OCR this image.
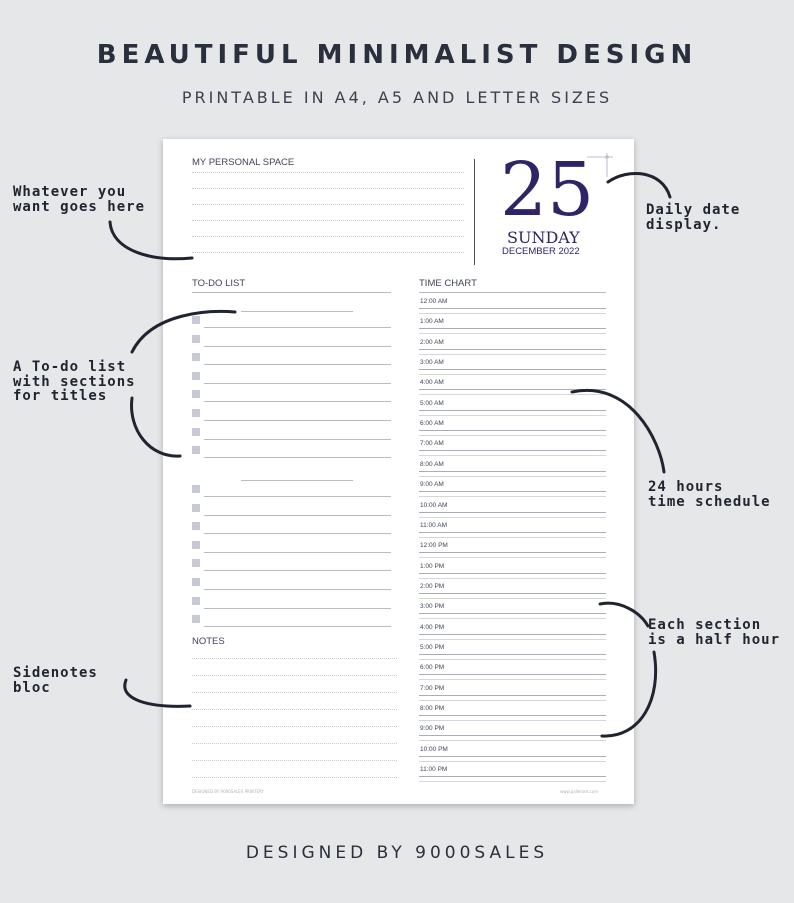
BEAUTIFUL MINIMALIST DESIGN
PRINTABLE IN A4, A5 AND LETTER SIZES
MY PERSONAL SPACE	25
SUNDAY
DECEMBER 2022
TO-DO LIST	TIME CHART
12:00 AM
1:00 AM
2:00 AM
3:00 AM
4:00 AM
5:00 AM
6:00 AM
7:00 AM
8:00 AM
9:00 AM
10:00 AM
11:00 AM
12:00 PM
1:00 PM
2:00 PM
3:00 PM
4:00 PM
5:00 PM
6:00 PM
7:00 PM
8:00 PM
9:00 PM
10:00 PM
11:00 PM
NOTES
DESIGNED BY 9000SALES PRINTERY	www.palleroot.com
Whatever you
want goes here	Daily date
display.
A To-do list
with sections
for titles
24 hours
time schedule
Each section
is a half hour
Sidenotes
bloc
DESIGNED BY 9000SALES
